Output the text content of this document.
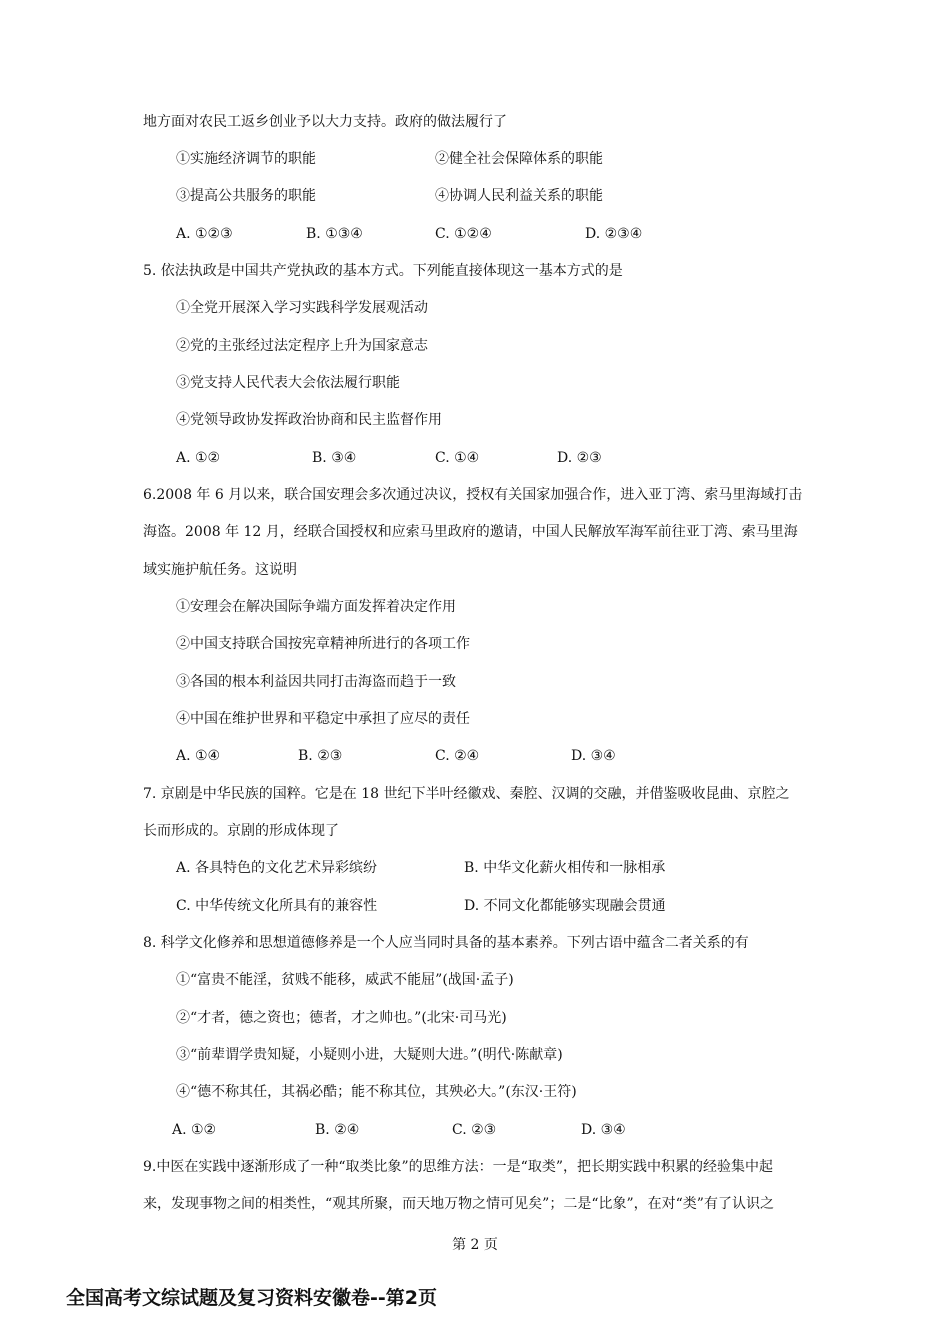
地方面对农民工返乡创业予以大力支持。政府的做法履行了
①实施经济调节的职能	②健全社会保障体系的职能
③提高公共服务的职能	④协调人民利益关系的职能
A. ①②③	B. ①③④	C. ①②④	D. ②③④
5. 依法执政是中国共产党执政的基本方式。下列能直接体现这一基本方式的是
①全党开展深入学习实践科学发展观活动
②党的主张经过法定程序上升为国家意志
③党支持人民代表大会依法履行职能
④党领导政协发挥政治协商和民主监督作用
A. ①②	B. ③④	C. ①④	D. ②③
6.2008 年 6 月以来，联合国安理会多次通过决议，授权有关国家加强合作，进入亚丁湾、索马里海域打击
海盗。2008 年 12 月，经联合国授权和应索马里政府的邀请，中国人民解放军海军前往亚丁湾、索马里海
域实施护航任务。这说明
①安理会在解决国际争端方面发挥着决定作用
②中国支持联合国按宪章精神所进行的各项工作
③各国的根本利益因共同打击海盗而趋于一致
④中国在维护世界和平稳定中承担了应尽的责任
A. ①④	B. ②③	C. ②④	D. ③④
7. 京剧是中华民族的国粹。它是在 18 世纪下半叶经徽戏、秦腔、汉调的交融，并借鉴吸收昆曲、京腔之
长而形成的。京剧的形成体现了
A. 各具特色的文化艺术异彩缤纷	B. 中华文化薪火相传和一脉相承
C. 中华传统文化所具有的兼容性	D. 不同文化都能够实现融会贯通
8. 科学文化修养和思想道德修养是一个人应当同时具备的基本素养。下列古语中蕴含二者关系的有
①“富贵不能淫，贫贱不能移，威武不能屈”(战国·孟子)
②“才者，德之资也；德者，才之帅也。”(北宋·司马光)
③“前辈谓学贵知疑，小疑则小进，大疑则大进。”(明代·陈献章)
④“德不称其任，其祸必酷；能不称其位，其殃必大。”(东汉·王符)
A. ①②	B. ②④	C. ②③	D. ③④
9.中医在实践中逐渐形成了一种“取类比象”的思维方法：一是“取类”，把长期实践中积累的经验集中起
来，发现事物之间的相类性，“观其所聚，而天地万物之情可见矣”；二是“比象”，在对“类”有了认识之
第 2 页
全国高考文综试题及复习资料安徽卷--第2页
